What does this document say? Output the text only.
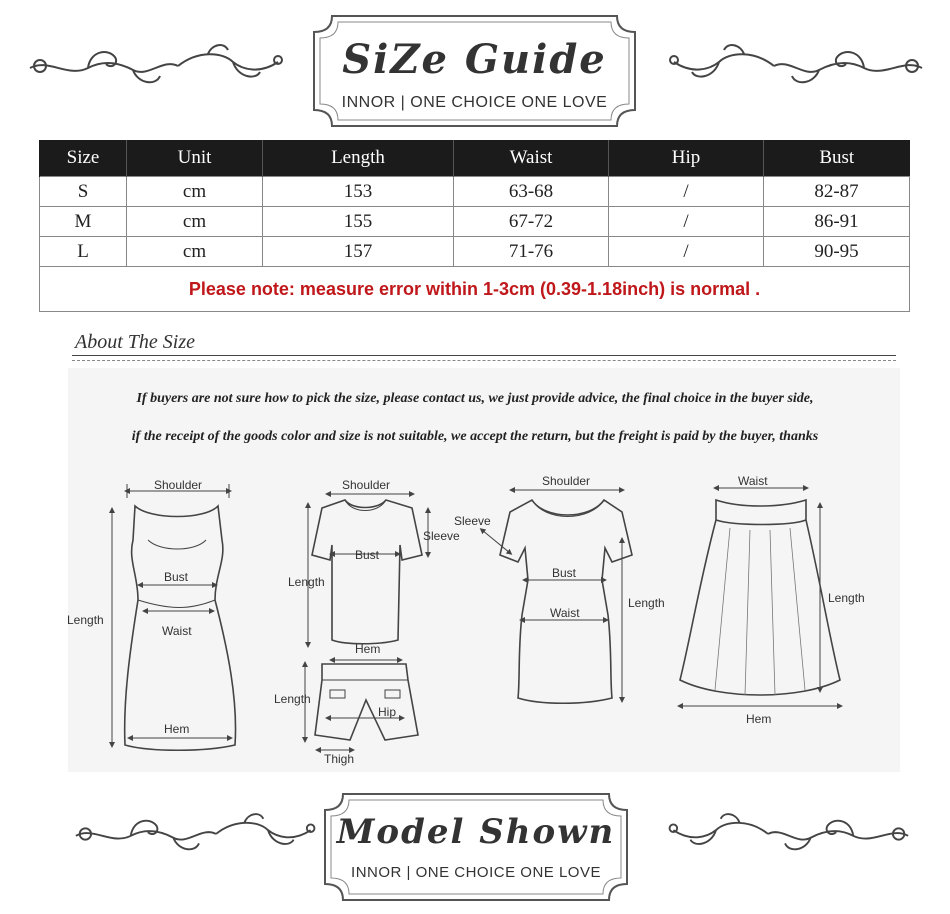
SiZe Guide
INNOR | ONE CHOICE ONE LOVE
Size	Unit	Length	Waist	Hip	Bust
S	cm	153	63-68	/	82-87
M	cm	155	67-72	/	86-91
L	cm	157	71-76	/	90-95
Please note: measure error within 1-3cm (0.39-1.18inch) is normal .					
About The Size
If buyers are not sure how to pick the size, please contact us, we just provide advice, the final choice in the buyer side,
if the receipt of the goods color and size is not suitable, we accept the return, but the freight is paid by the buyer, thanks
Shoulder
Bust
Waist
Length
Hem
Shoulder
Sleeve
Bust
Length
Hem
Length
Hip
Thigh
Shoulder
Sleeve
Bust
Waist
Length
Waist
Length
Hem
Model Shown
INNOR | ONE CHOICE ONE LOVE
